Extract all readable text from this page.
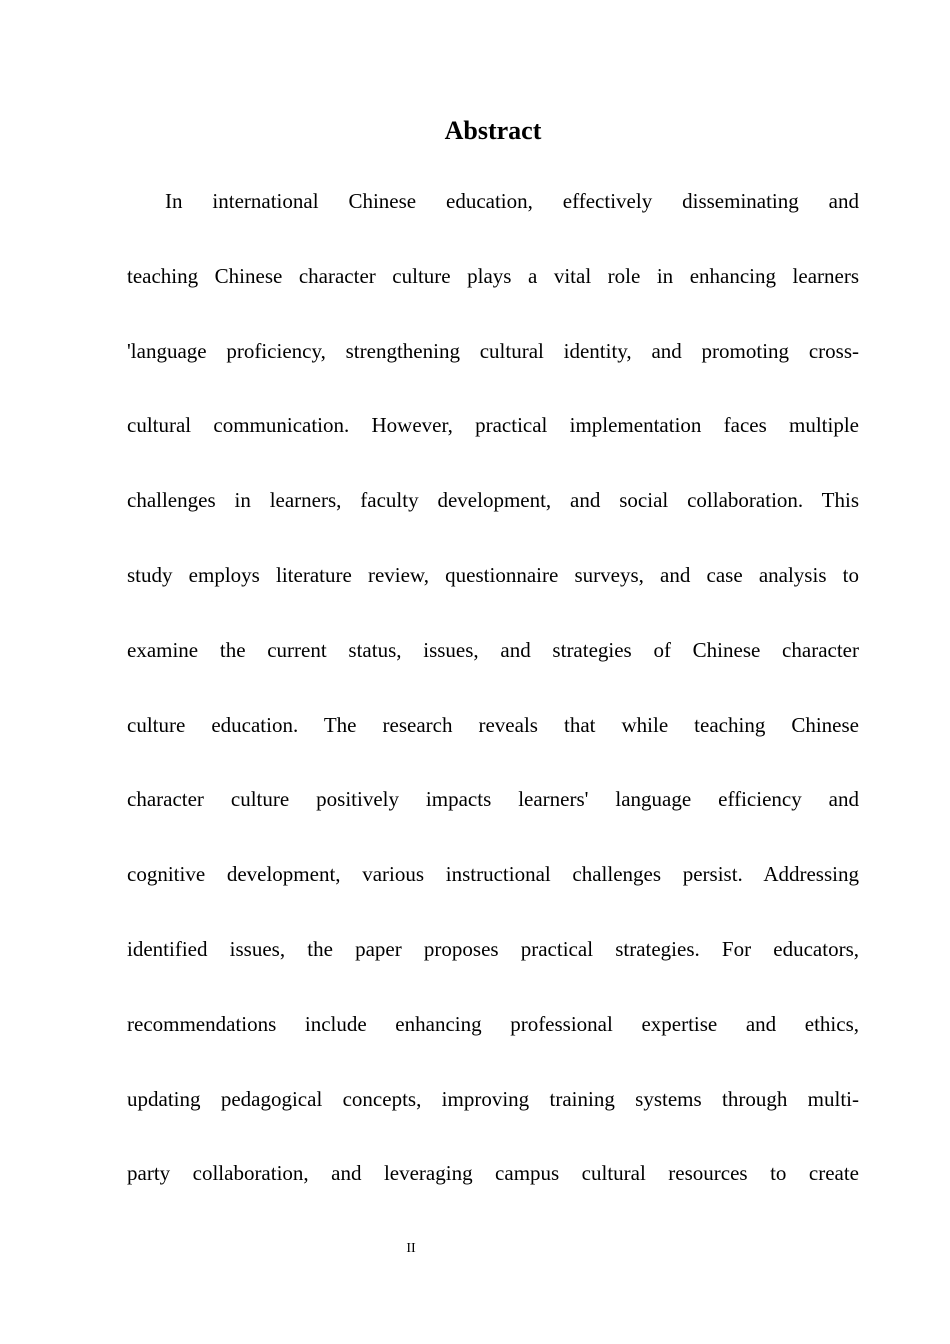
Abstract
In international Chinese education, effectively disseminating and
teaching Chinese character culture plays a vital role in enhancing learners
'language proficiency, strengthening cultural identity, and promoting cross-
cultural communication. However, practical implementation faces multiple
challenges in learners, faculty development, and social collaboration. This
study employs literature review, questionnaire surveys, and case analysis to
examine the current status, issues, and strategies of Chinese character
culture education. The research reveals that while teaching Chinese
character culture positively impacts learners' language efficiency and
cognitive development, various instructional challenges persist. Addressing
identified issues, the paper proposes practical strategies. For educators,
recommendations include enhancing professional expertise and ethics,
updating pedagogical concepts, improving training systems through multi-
party collaboration, and leveraging campus cultural resources to create
II
